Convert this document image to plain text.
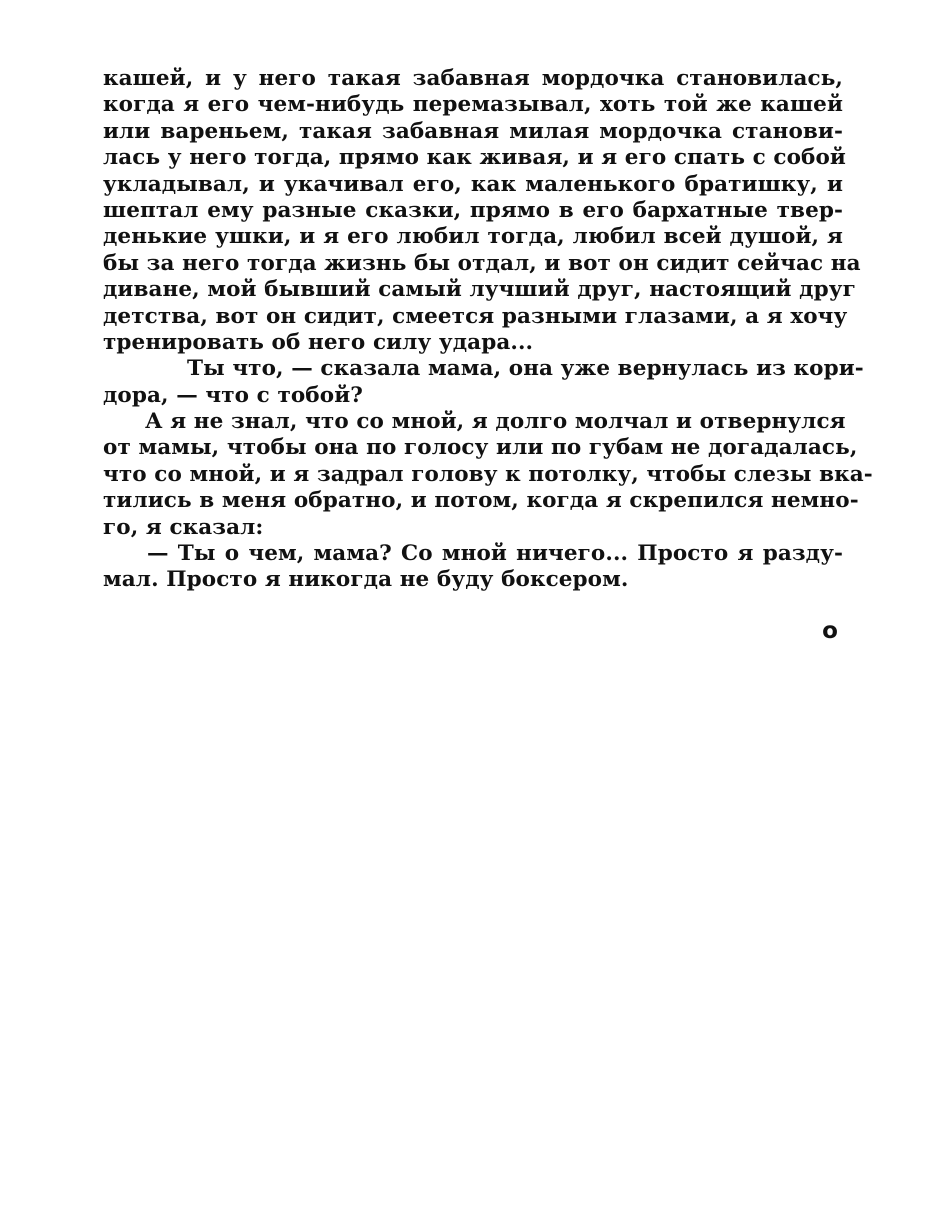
кашей, и у него такая забавная мордочка становилась,
когда я его чем-нибудь перемазывал, хоть той же кашей
или вареньем, такая забавная милая мордочка станови-
лась у него тогда, прямо как живая, и я его спать с собой
укладывал, и укачивал его, как маленького братишку, и
шептал ему разные сказки, прямо в его бархатные твер-
денькие ушки, и я его любил тогда, любил всей душой, я
бы за него тогда жизнь бы отдал, и вот он сидит сейчас на
диване, мой бывший самый лучший друг, настоящий друг
детства, вот он сидит, смеется разными глазами, а я хочу
тренировать об него силу удара...
Ты что, — сказала мама, она уже вернулась из кори-
дора, — что с тобой?
А я не знал, что со мной, я долго молчал и отвернулся
от мамы, чтобы она по голосу или по губам не догадалась,
что со мной, и я задрал голову к потолку, чтобы слезы вка-
тились в меня обратно, и потом, когда я скрепился немно-
го, я сказал:
— Ты о чем, мама? Со мной ничего... Просто я разду-
мал. Просто я никогда не буду боксером.
o
